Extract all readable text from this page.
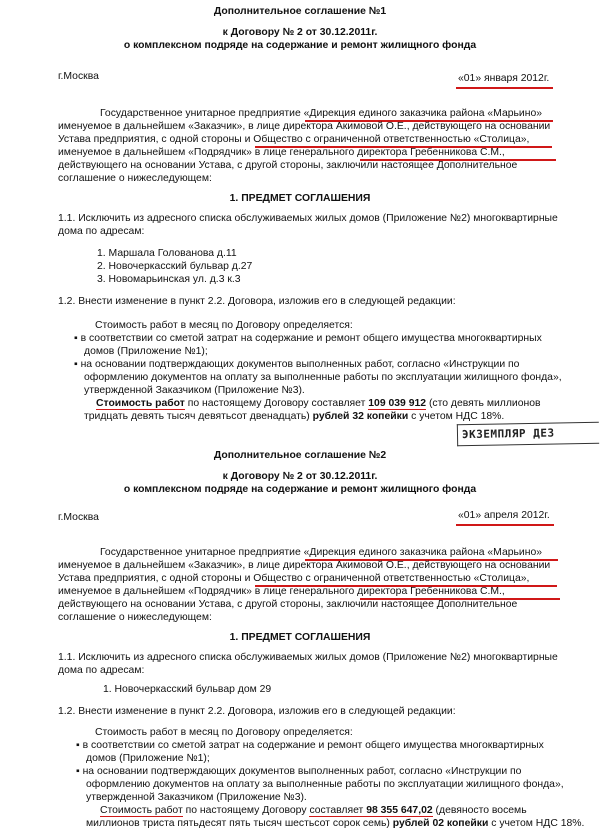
Дополнительное соглашение №1
к Договору № 2 от 30.12.2011г.
о комплексном подряде на содержание и ремонт жилищного фонда
г.Москва	«01» января 2012г.
Государственное унитарное предприятие «Дирекция единого заказчика района «Марьино»
именуемое в дальнейшем «Заказчик», в лице директора Акимовой О.Е., действующего на основании
Устава предприятия, с одной стороны и Общество с ограниченной ответственностью «Столица»,
именуемое в дальнейшем «Подрядчик» в лице генерального директора Гребенникова С.М.,
действующего на основании Устава, с другой стороны, заключили настоящее Дополнительное
соглашение о нижеследующем:
1. ПРЕДМЕТ СОГЛАШЕНИЯ
1.1. Исключить из адресного списка обслуживаемых жилых домов (Приложение №2) многоквартирные
дома по адресам:
1. Маршала Голованова д.11
2. Новочеркасский бульвар д.27
3. Новомарьинская ул. д.3 к.3
1.2. Внести изменение в пункт 2.2. Договора, изложив его в следующей редакции:
Стоимость работ в месяц по Договору определяется:
▪ в соответствии со сметой затрат на содержание и ремонт общего имущества многоквартирных
домов (Приложение №1);
▪ на основании подтверждающих документов выполненных работ, согласно «Инструкции по
оформлению документов на оплату за выполненные работы по эксплуатации жилищного фонда»,
утвержденной Заказчиком (Приложение №3).
Стоимость работ по настоящему Договору составляет 109 039 912 (сто девять миллионов
тридцать девять тысяч девятьсот двенадцать) рублей 32 копейки с учетом НДС 18%.
ЭКЗЕМПЛЯР ДЕЗ
Дополнительное соглашение №2
к Договору № 2 от 30.12.2011г.
о комплексном подряде на содержание и ремонт жилищного фонда
г.Москва	«01» апреля 2012г.
Государственное унитарное предприятие «Дирекция единого заказчика района «Марьино»
именуемое в дальнейшем «Заказчик», в лице директора Акимовой О.Е., действующего на основании
Устава предприятия, с одной стороны и Общество с ограниченной ответственностью «Столица»,
именуемое в дальнейшем «Подрядчик» в лице генерального директора Гребенникова С.М.,
действующего на основании Устава, с другой стороны, заключили настоящее Дополнительное
соглашение о нижеследующем:
1. ПРЕДМЕТ СОГЛАШЕНИЯ
1.1. Исключить из адресного списка обслуживаемых жилых домов (Приложение №2) многоквартирные
дома по адресам:
1. Новочеркасский бульвар дом 29
1.2. Внести изменение в пункт 2.2. Договора, изложив его в следующей редакции:
Стоимость работ в месяц по Договору определяется:
▪ в соответствии со сметой затрат на содержание и ремонт общего имущества многоквартирных
домов (Приложение №1);
▪ на основании подтверждающих документов выполненных работ, согласно «Инструкции по
оформлению документов на оплату за выполненные работы по эксплуатации жилищного фонда»,
утвержденной Заказчиком (Приложение №3).
Стоимость работ по настоящему Договору составляет 98 355 647,02 (девяносто восемь
миллионов триста пятьдесят пять тысяч шестьсот сорок семь) рублей 02 копейки с учетом НДС 18%.
